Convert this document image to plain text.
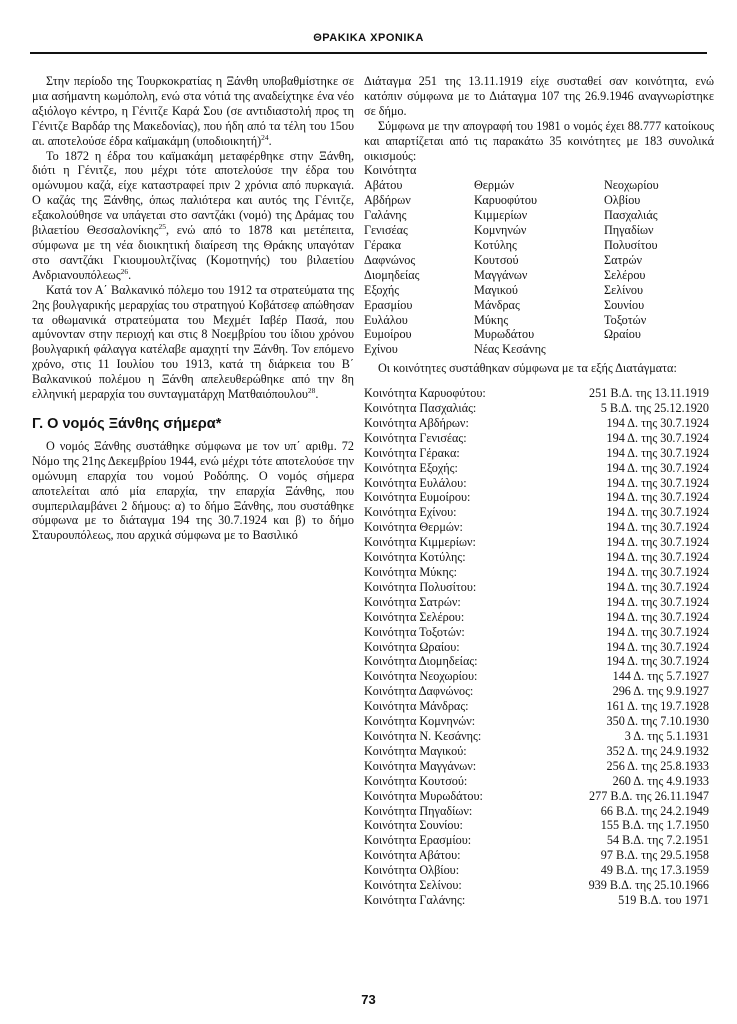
ΘΡΑΚΙΚΑ ΧΡΟΝΙΚΑ

Στην περίοδο της Τουρκοκρατίας η Ξάνθη υποβαθμίστηκε σε μια ασήμαντη κωμόπολη, ενώ στα νότιά της αναδείχτηκε ένα νέο αξιόλογο κέντρο, η Γένιτζε Καρά Σου (σε αντιδιαστολή προς τη Γένιτζε Βαρδάρ της Μακεδονίας), που ήδη από τα τέλη του 15ου αι. αποτελούσε έδρα καϊμακάμη $(\upsilon\pi o\delta\iota o\iota\kappa\eta\tau ή)^{24}$.

Το 1872 η έδρα του καϊμακάμη μεταφέρθηκε στην Ξάνθη, διότι η Γένιτζε, που μέχρι τότε αποτελούσε την έδρα του ομώνυμου καζά, είχε καταστραφεί πριν 2 χρόνια από πυρκαγιά. Ο καζάς της Ξάνθης, όπως παλιότερα και αυτός της Γένιτζε, εξακολούθησε να υπάγεται στο σαντζάκι (νομό) της Δράμας του βιλαετίου Θεσσαλονίκης$^{25}$, ενώ από το 1878 και μετέπειτα, σύμφωνα με τη νέα διοικητική διαίρεση της Θράκης υπαγόταν στο σαντζάκι Γκιουμουλτζίνας (Κομοτηνής) του βιλαετίου Ανδριανουπόλεως$^{26}$.

Κατά τον Α΄ Βαλκανικό πόλεμο του 1912 τα στρατεύματα της 2ης βουλγαρικής μεραρχίας του στρατηγού Κοβάτσεφ απώθησαν τα οθωμανικά στρατεύματα του Μεχμέτ Ιαβέρ Πασά, που αμύνονταν στην περιοχή και στις 8 Νοεμβρίου του ίδιου χρόνου βουλγαρική φάλαγγα κατέλαβε αμαχητί την Ξάνθη. Τον επόμενο χρόνο, στις 11 Ιουλίου του 1913, κατά τη διάρκεια του Β΄ Βαλκανικού πολέμου η Ξάνθη απελευθερώθηκε από την 8η ελληνική μεραρχία του συνταγματάρχη Ματθαιόπουλου$^{28}$.

Γ. Ο νομός Ξάνθης σήμερα*

Ο νομός Ξάνθης συστάθηκε σύμφωνα με τον υπ΄ αριθμ. 72 Νόμο της 21ης Δεκεμβρίου 1944, ενώ μέχρι τότε αποτελούσε την ομώνυμη επαρχία του νομού Ροδόπης. Ο νομός σήμερα αποτελείται από μία επαρχία, την επαρχία Ξάνθης, που συμπεριλαμβάνει 2 δήμους: α) το δήμο Ξάνθης, που συστάθηκε σύμφωνα με το διάταγμα 194 της 30.7.1924 και β) το δήμο Σταυρουπόλεως, που αρχικά σύμφωνα με το Βασιλικό

Διάταγμα 251 της 13.11.1919 είχε συσταθεί σαν κοινότητα, ενώ κατόπιν σύμφωνα με το Διάταγμα 107 της 26.9.1946 αναγνωρίστηκε σε δήμο.

Σύμφωνα με την απογραφή του 1981 ο νομός έχει 88.777 κατοίκους και απαρτίζεται από τις παρακάτω 35 κοινότητες με 183 συνολικά οικισμούς:

Κοινότητα
Αβάτου	Θερμών	Νεοχωρίου
Αβδήρων	Καρυοφύτου	Ολβίου
Γαλάνης	Κιμμερίων	Πασχαλιάς
Γενισέας	Κομνηνών	Πηγαδίων
Γέρακα	Κοτύλης	Πολυσίτου
Δαφνώνος	Κουτσού	Σατρών
Διομηδείας	Μαγγάνων	Σελέρου
Εξοχής	Μαγικού	Σελίνου
Ερασμίου	Μάνδρας	Σουνίου
Ευλάλου	Μύκης	Τοξοτών
Ευμοίρου	Μυρωδάτου	Ωραίου
Εχίνου	Νέας Κεσάνης

Οι κοινότητες συστάθηκαν σύμφωνα με τα εξής Διατάγματα:

Κοινότητα Καρυοφύτου:	251 Β.Δ. της 13.11.1919
Κοινότητα Πασχαλιάς:	5 Β.Δ. της 25.12.1920
Κοινότητα Αβδήρων:	194 Δ. της 30.7.1924
Κοινότητα Γενισέας:	194 Δ. της 30.7.1924
Κοινότητα Γέρακα:	194 Δ. της 30.7.1924
Κοινότητα Εξοχής:	194 Δ. της 30.7.1924
Κοινότητα Ευλάλου:	194 Δ. της 30.7.1924
Κοινότητα Ευμοίρου:	194 Δ. της 30.7.1924
Κοινότητα Εχίνου:	194 Δ. της 30.7.1924
Κοινότητα Θερμών:	194 Δ. της 30.7.1924
Κοινότητα Κιμμερίων:	194 Δ. της 30.7.1924
Κοινότητα Κοτύλης:	194 Δ. της 30.7.1924
Κοινότητα Μύκης:	194 Δ. της 30.7.1924
Κοινότητα Πολυσίτου:	194 Δ. της 30.7.1924
Κοινότητα Σατρών:	194 Δ. της 30.7.1924
Κοινότητα Σελέρου:	194 Δ. της 30.7.1924
Κοινότητα Τοξοτών:	194 Δ. της 30.7.1924
Κοινότητα Ωραίου:	194 Δ. της 30.7.1924
Κοινότητα Διομηδείας:	194 Δ. της 30.7.1924
Κοινότητα Νεοχωρίου:	144 Δ. της 5.7.1927
Κοινότητα Δαφνώνος:	296 Δ. της 9.9.1927
Κοινότητα Μάνδρας:	161 Δ. της 19.7.1928
Κοινότητα Κομνηνών:	350 Δ. της 7.10.1930
Κοινότητα Ν. Κεσάνης:	3 Δ. της 5.1.1931
Κοινότητα Μαγικού:	352 Δ. της 24.9.1932
Κοινότητα Μαγγάνων:	256 Δ. της 25.8.1933
Κοινότητα Κουτσού:	260 Δ. της 4.9.1933
Κοινότητα Μυρωδάτου:	277 Β.Δ. της 26.11.1947
Κοινότητα Πηγαδίων:	66 Β.Δ. της 24.2.1949
Κοινότητα Σουνίου:	155 Β.Δ. της 1.7.1950
Κοινότητα Ερασμίου:	54 Β.Δ. της 7.2.1951
Κοινότητα Αβάτου:	97 Β.Δ. της 29.5.1958
Κοινότητα Ολβίου:	49 Β.Δ. της 17.3.1959
Κοινότητα Σελίνου:	939 Β.Δ. της 25.10.1966
Κοινότητα Γαλάνης:	519 Β.Δ. του 1971
73
